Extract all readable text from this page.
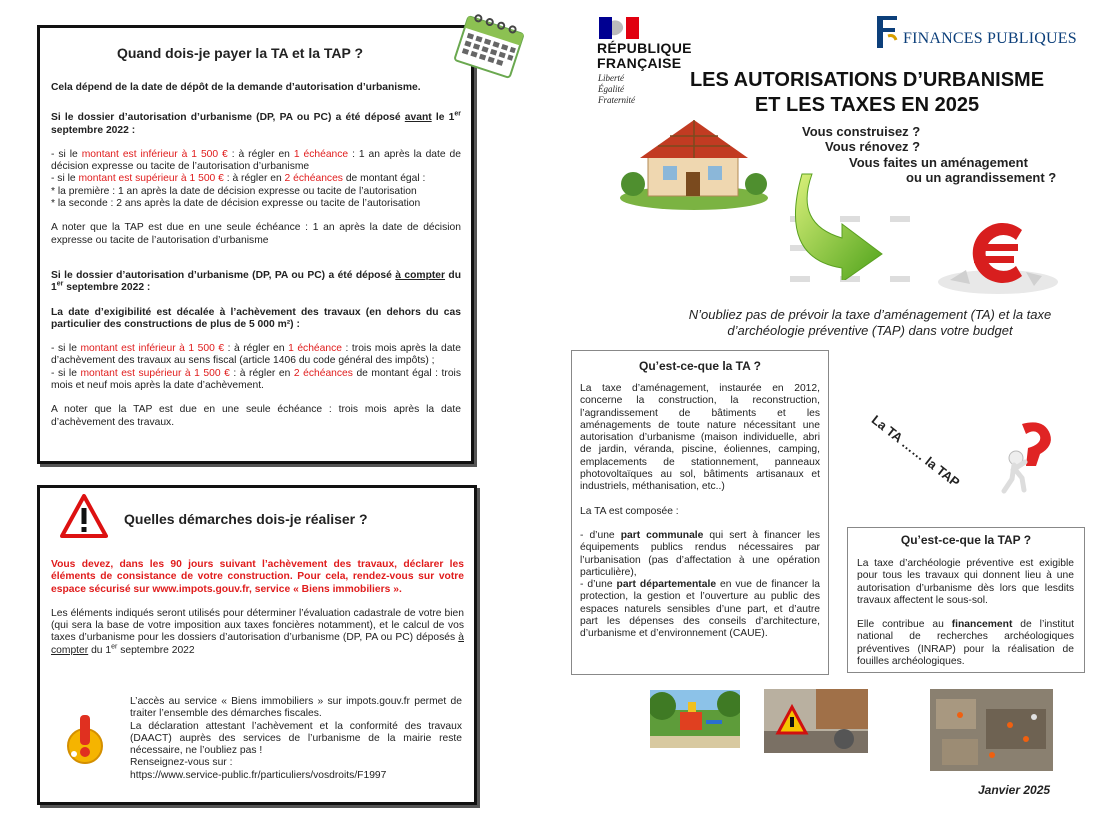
Quand dois-je payer la TA et la TAP ?

Cela dépend de la date de dépôt de la demande d’autorisation d’urbanisme.

Si le dossier d’autorisation d’urbanisme (DP, PA ou PC) a été déposé avant le 1er septembre 2022 :

- si le montant est inférieur à 1 500 € : à régler en 1 échéance : 1 an après la date de décision expresse ou tacite de l’autorisation d’urbanisme

- si le montant est supérieur à 1 500 € : à régler en 2 échéances de montant égal :

* la première : 1 an après la date de décision expresse ou tacite de l’autorisation

* la seconde : 2 ans après la date de décision expresse ou tacite de l’autorisation

A noter que la TAP est due en une seule échéance : 1 an après la date de décision expresse ou tacite de l’autorisation d’urbanisme

Si le dossier d’autorisation d’urbanisme (DP, PA ou PC) a été déposé à compter du 1er septembre 2022 :

La date d’exigibilité est décalée à l’achèvement des travaux (en dehors du cas particulier des constructions de plus de 5 000 m²) :

- si le montant est inférieur à 1 500 € : à régler en 1 échéance : trois mois après la date d’achèvement des travaux au sens fiscal (article 1406 du code général des impôts) ;

- si le montant est supérieur à 1 500 € : à régler en 2 échéances de montant égal : trois mois et neuf mois après la date d’achèvement.

A noter que la TAP est due en une seule échéance : trois mois après la date d’achèvement des travaux.

Quelles démarches dois-je réaliser ?

Vous devez, dans les 90 jours suivant l’achèvement des travaux, déclarer les éléments de consistance de votre construction. Pour cela, rendez-vous sur votre espace sécurisé sur www.impots.gouv.fr, service « Biens immobiliers ».

Les éléments indiqués seront utilisés pour déterminer l’évaluation cadastrale de votre bien (qui sera la base de votre imposition aux taxes foncières notamment), et le calcul de vos taxes d’urbanisme pour les dossiers d’autorisation d’urbanisme (DP, PA ou PC) déposés à compter du 1er septembre 2022

L’accès au service « Biens immobiliers » sur impots.gouv.fr permet de traiter l’ensemble des démarches fiscales.

La déclaration attestant l’achèvement et la conformité des travaux (DAACT) auprès des services de l’urbanisme de la mairie reste nécessaire, ne l’oubliez pas !

Renseignez-vous sur :

https://www.service-public.fr/particuliers/vosdroits/F1997

RÉPUBLIQUE
FRANÇAISE
Liberté
Égalité
Fraternité
FINANCES PUBLIQUES
LES AUTORISATIONS D’URBANISME
ET LES TAXES EN 2025
Vous construisez ?
Vous rénovez ?
Vous faites un aménagement
ou un agrandissement ?
N’oubliez pas de prévoir la taxe d’aménagement (TA) et la taxe
d’archéologie préventive (TAP) dans votre budget
Qu’est-ce-que la TA ?

La taxe d’aménagement, instaurée en 2012, concerne la construction, la reconstruction, l’agrandissement de bâtiments et les aménagements de toute nature nécessitant une autorisation d’urbanisme (maison individuelle, abri de jardin, véranda, piscine, éoliennes, camping, emplacements de stationnement, panneaux photovoltaïques au sol, bâtiments artisanaux et industriels, méthanisation, etc..)

La TA est composée :

- d’une part communale qui sert à financer les équipements publics rendus nécessaires par l’urbanisation (pas d’affectation à une opération particulière),

- d’une part départementale en vue de financer la protection, la gestion et l’ouverture au public des espaces naturels sensibles d’une part, et d’autre part les dépenses des conseils d’architecture, d’urbanisme et d’environnement (CAUE).

La TA …… la TAP
Qu’est-ce-que la TAP ?

La taxe d’archéologie préventive est exigible pour tous les travaux qui donnent lieu à une autorisation d’urbanisme dès lors que lesdits travaux affectent le sous-sol.

Elle contribue au financement de l’institut national de recherches archéologiques préventives (INRAP) pour la réalisation de fouilles archéologiques.

Janvier 2025
